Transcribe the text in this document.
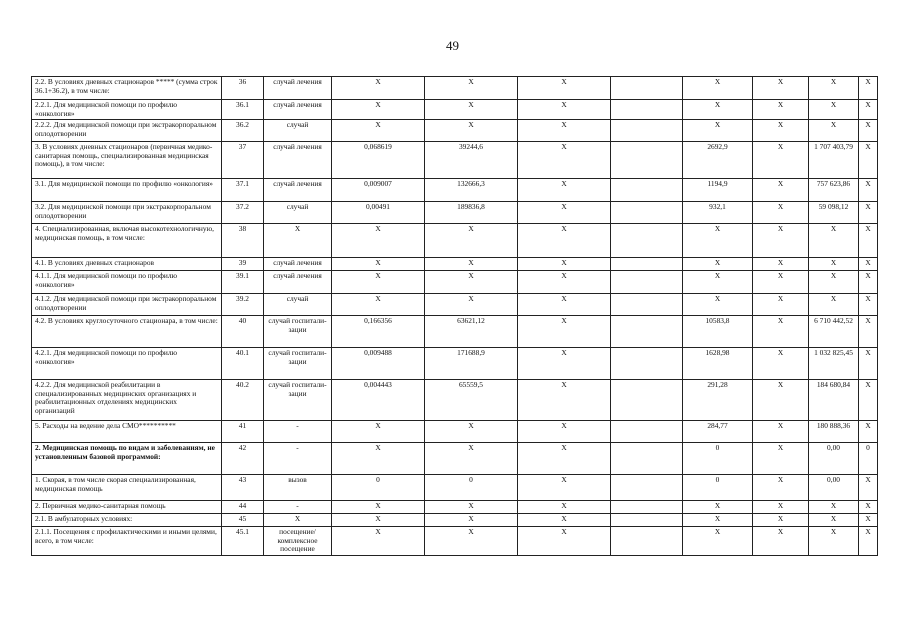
49
2.2. В условиях дневных стационаров ***** (сумма строк 36.1+36.2), в том числе:	36	случай лечения	Х	Х	Х		Х	Х	Х	Х
2.2.1. Для медицинской помощи по профилю «онкология»	36.1	случай лечения	Х	Х	Х		Х	Х	Х	Х
2.2.2. Для медицинской помощи при экстракорпоральном оплодотворении	36.2	случай	Х	Х	Х		Х	Х	Х	Х
3. В условиях дневных стационаров (первичная медико-санитарная помощь, специализированная медицинская помощь), в том числе:	37	случай лечения	0,068619	39244,6	Х		2692,9	Х	1 707 403,79	Х
3.1. Для медицинской помощи по профилю «онкология»	37.1	случай лечения	0,009007	132666,3	Х		1194,9	Х	757 623,86	Х
3.2. Для медицинской помощи при экстракорпоральном оплодотворении	37.2	случай	0,00491	189836,8	Х		932,1	Х	59 098,12	Х
4. Специализированная, включая высокотехнологичную, медицинская помощь, в том числе:	38	Х	Х	Х	Х		Х	Х	Х	Х
4.1. В условиях дневных стационаров	39	случай лечения	Х	Х	Х		Х	Х	Х	Х
4.1.1. Для медицинской помощи по профилю «онкология»	39.1	случай лечения	Х	Х	Х		Х	Х	Х	Х
4.1.2. Для медицинской помощи при экстракорпоральном оплодотворении	39.2	случай	Х	Х	Х		Х	Х	Х	Х
4.2. В условиях круглосуточного стационара, в том числе:	40	случай госпитали-зации	0,166356	63621,12	Х		10583,8	Х	6 710 442,52	Х
4.2.1. Для медицинской помощи по профилю «онкология»	40.1	случай госпитали-зации	0,009488	171688,9	Х		1628,98	Х	1 032 825,45	Х
4.2.2. Для медицинской реабилитации в специализированных медицинских организациях и реабилитационных отделениях медицинских организаций	40.2	случай госпитали-зации	0,004443	65559,5	Х		291,28	Х	184 680,84	Х
5. Расходы на ведение дела СМО**********	41	-	Х	Х	Х		284,77	Х	180 888,36	Х
2. Медицинская помощь по видам и заболеваниям, не установленным базовой программой:	42	-	Х	Х	Х		0	Х	0,00	0
1. Скорая, в том числе скорая специализированная, медицинская помощь	43	вызов	0	0	Х		0	Х	0,00	Х
2. Первичная медико-санитарная помощь	44	-	Х	Х	Х		Х	Х	Х	Х
2.1. В амбулаторных условиях:	45	Х	Х	Х	Х		Х	Х	Х	Х
2.1.1. Посещения с профилактическими и иными целями, всего, в том числе:	45.1	посещение/ комплексное посещение	Х	Х	Х		Х	Х	Х	Х
